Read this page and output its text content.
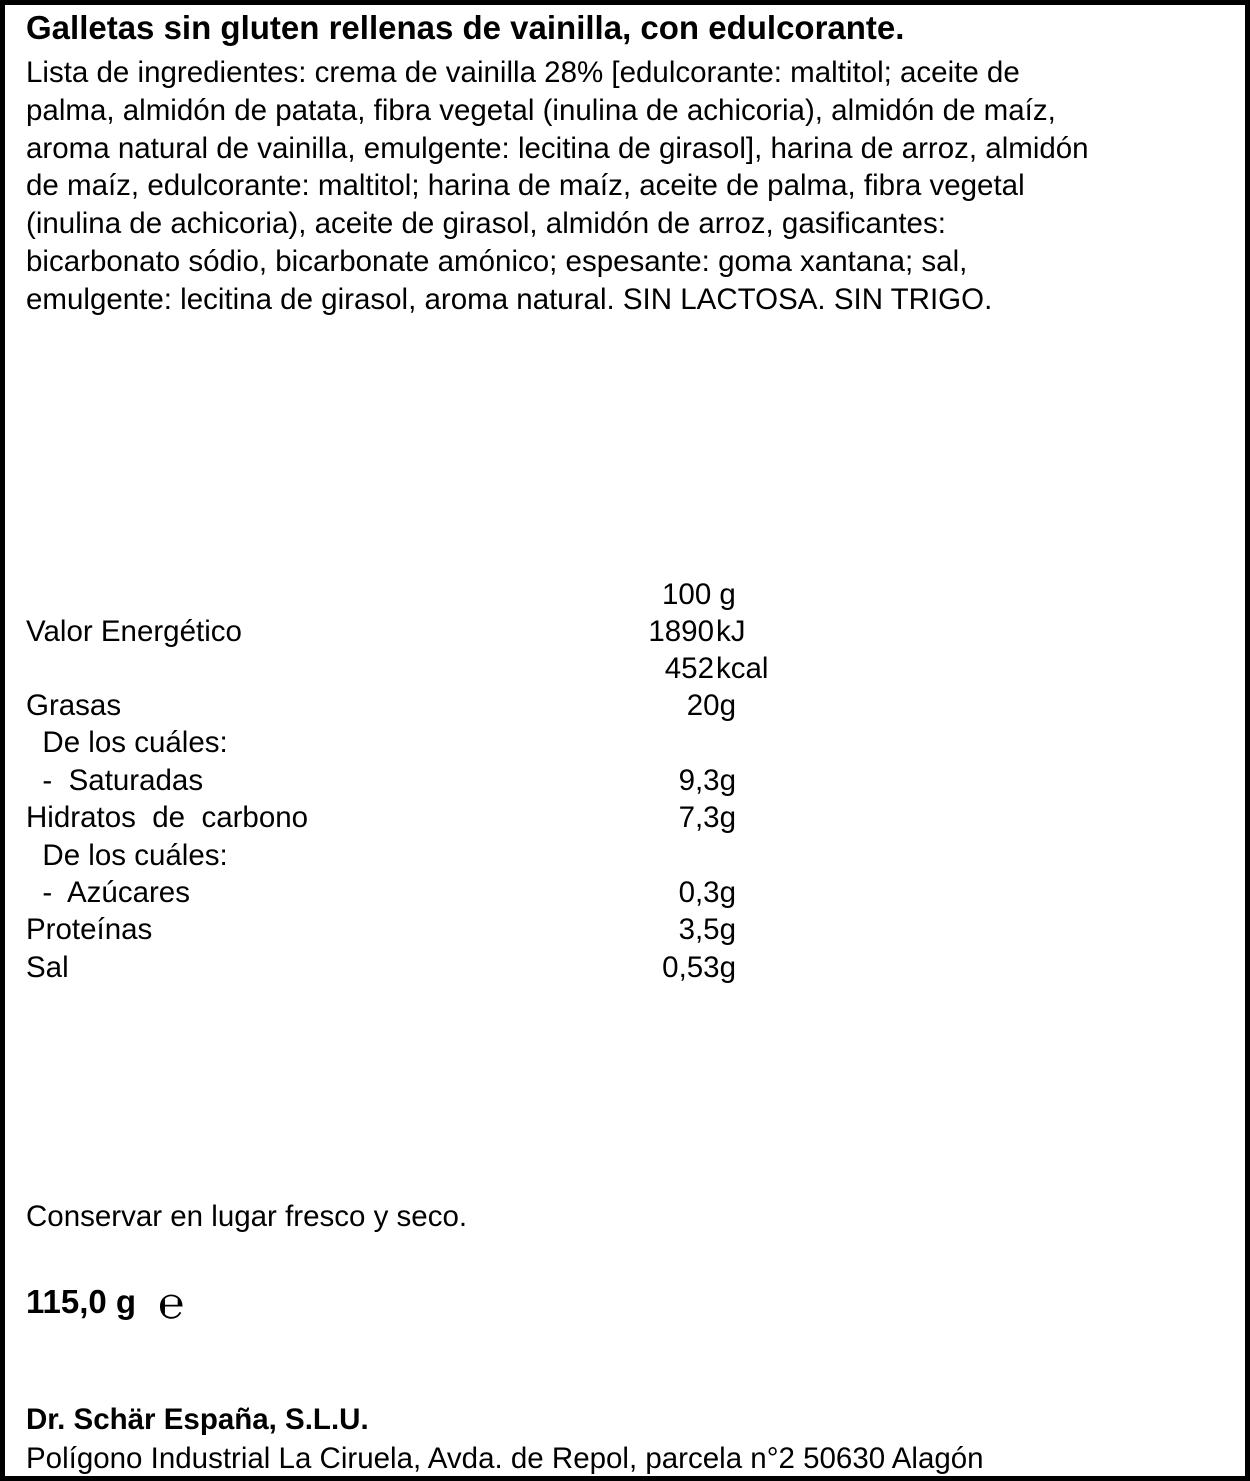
Galletas sin gluten rellenas de vainilla, con edulcorante.
Lista de ingredientes: crema de vainilla 28% [edulcorante: maltitol; aceite de
palma, almidón de patata, fibra vegetal (inulina de achicoria), almidón de maíz,
aroma natural de vainilla, emulgente: lecitina de girasol], harina de arroz, almidón
de maíz, edulcorante: maltitol; harina de maíz, aceite de palma, fibra vegetal
(inulina de achicoria), aceite de girasol, almidón de arroz, gasificantes:
bicarbonato sódio, bicarbonate amónico; espesante: goma xantana; sal,
emulgente: lecitina de girasol, aroma natural. SIN LACTOSA. SIN TRIGO.
100 g
Valor Energético	1890 kJ
452 kcal
Grasas	20g
De los cuáles:
-  Saturadas	9,3g
Hidratos  de  carbono	7,3g
De los cuáles:
-  Azúcares	0,3g
Proteínas	3,5g
Sal	0,53g
Conservar en lugar fresco y seco.
115,0 g ℮
Dr. Schär España, S.L.U.
Polígono Industrial La Ciruela, Avda. de Repol, parcela n°2 50630 Alagón
